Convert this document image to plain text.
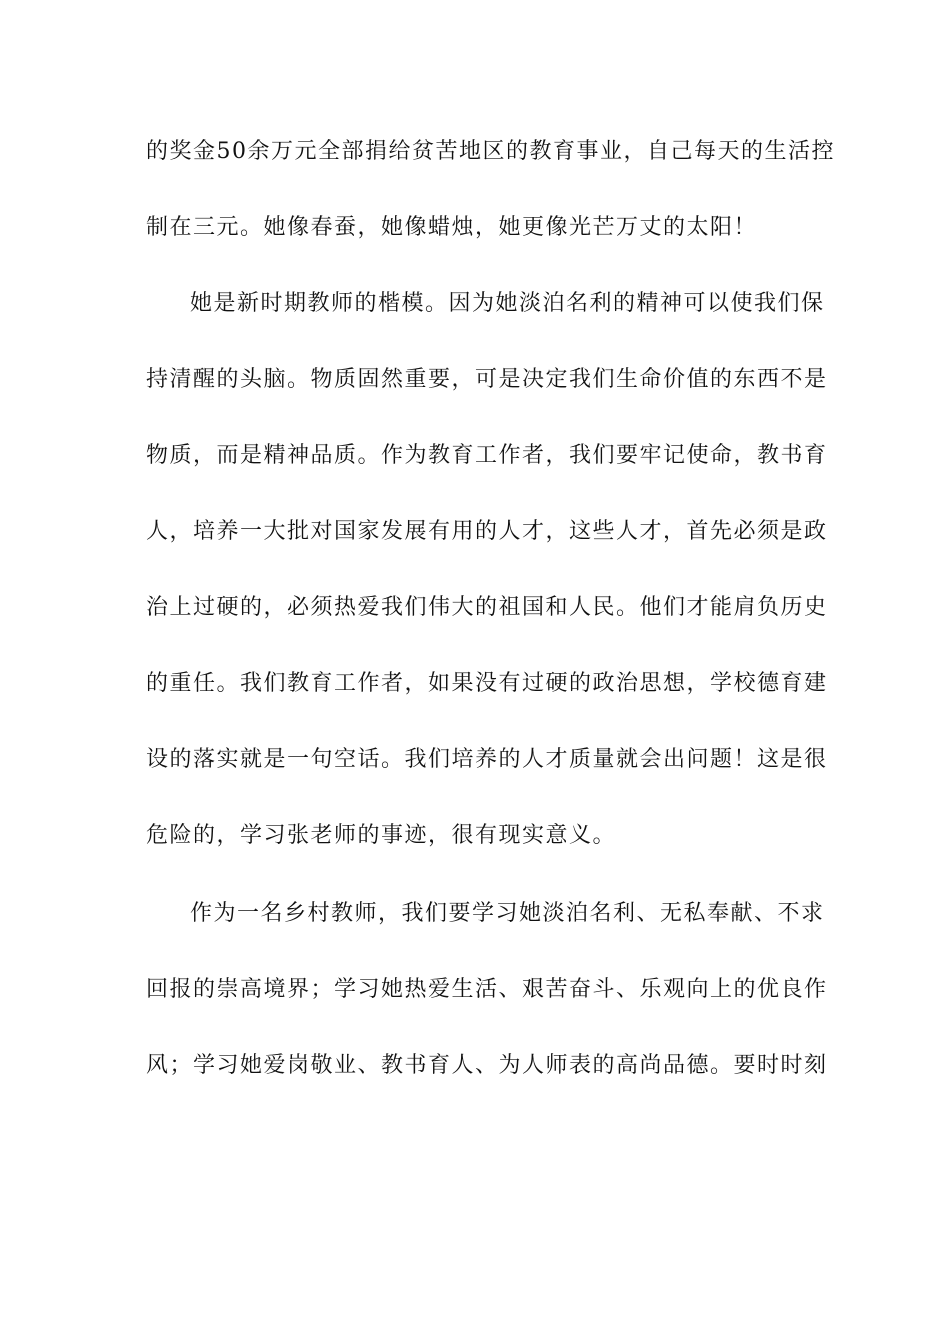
的奖金50余万元全部捐给贫苦地区的教育事业，自己每天的生活控
制在三元。她像春蚕，她像蜡烛，她更像光芒万丈的太阳！
她是新时期教师的楷模。因为她淡泊名利的精神可以使我们保
持清醒的头脑。物质固然重要，可是决定我们生命价值的东西不是
物质，而是精神品质。作为教育工作者，我们要牢记使命，教书育
人，培养一大批对国家发展有用的人才，这些人才，首先必须是政
治上过硬的，必须热爱我们伟大的祖国和人民。他们才能肩负历史
的重任。我们教育工作者，如果没有过硬的政治思想，学校德育建
设的落实就是一句空话。我们培养的人才质量就会出问题！这是很
危险的，学习张老师的事迹，很有现实意义。
作为一名乡村教师，我们要学习她淡泊名利、无私奉献、不求
回报的崇高境界；学习她热爱生活、艰苦奋斗、乐观向上的优良作
风；学习她爱岗敬业、教书育人、为人师表的高尚品德。要时时刻
